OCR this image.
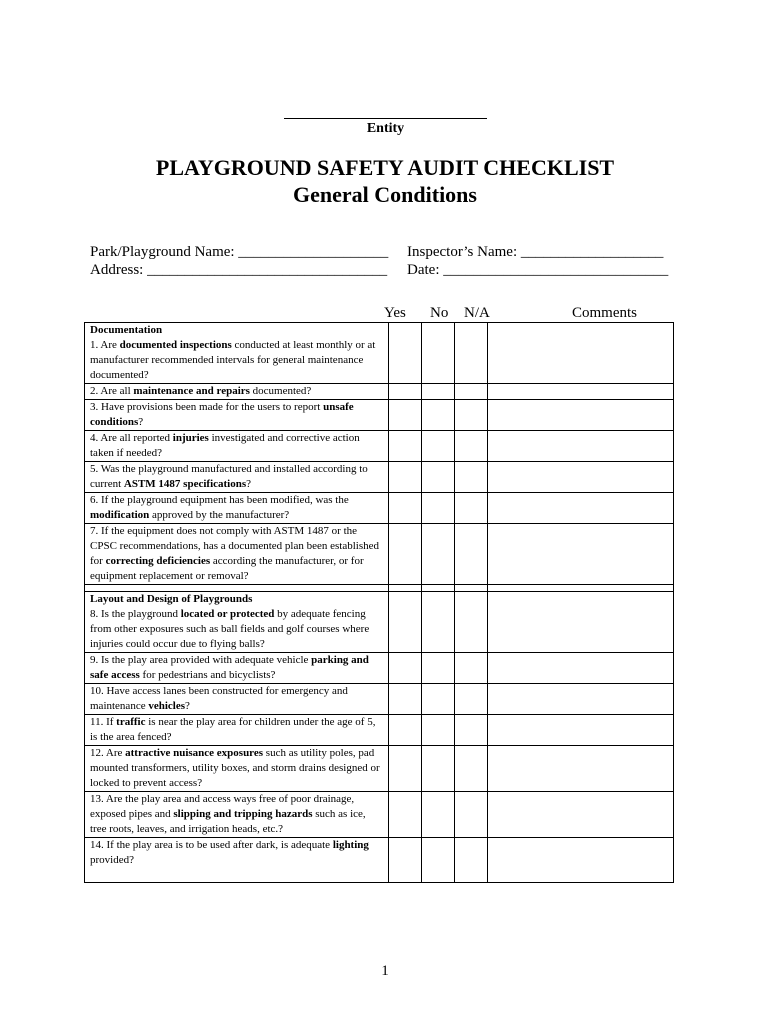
Entity
PLAYGROUND SAFETY AUDIT CHECKLIST
General Conditions
Park/Playground Name: ____________________ Inspector’s Name: ___________________
Address: ________________________________ Date: ______________________________
Yes No N/A	Comments
Documentation
1. Are documented inspections conducted at least monthly or at manufacturer recommended intervals for general maintenance documented?				
2. Are all maintenance and repairs documented?				
3. Have provisions been made for the users to report unsafe conditions?				
4. Are all reported injuries investigated and corrective action taken if needed?				
5. Was the playground manufactured and installed according to current ASTM 1487 specifications?				
6. If the playground equipment has been modified, was the modification approved by the manufacturer?				
7. If the equipment does not comply with ASTM 1487 or the CPSC recommendations, has a documented plan been established for correcting deficiencies according the manufacturer, or for equipment replacement or removal?				

Layout and Design of Playgrounds
8. Is the playground located or protected by adequate fencing from other exposures such as ball fields and golf courses where injuries could occur due to flying balls?				
9. Is the play area provided with adequate vehicle parking and safe access for pedestrians and bicyclists?				
10. Have access lanes been constructed for emergency and maintenance vehicles?				
11. If traffic is near the play area for children under the age of 5, is the area fenced?				
12. Are attractive nuisance exposures such as utility poles, pad mounted transformers, utility boxes, and storm drains designed or locked to prevent access?				
13. Are the play area and access ways free of poor drainage, exposed pipes and slipping and tripping hazards such as ice, tree roots, leaves, and irrigation heads, etc.?				
14. If the play area is to be used after dark, is adequate lighting provided?				
1
